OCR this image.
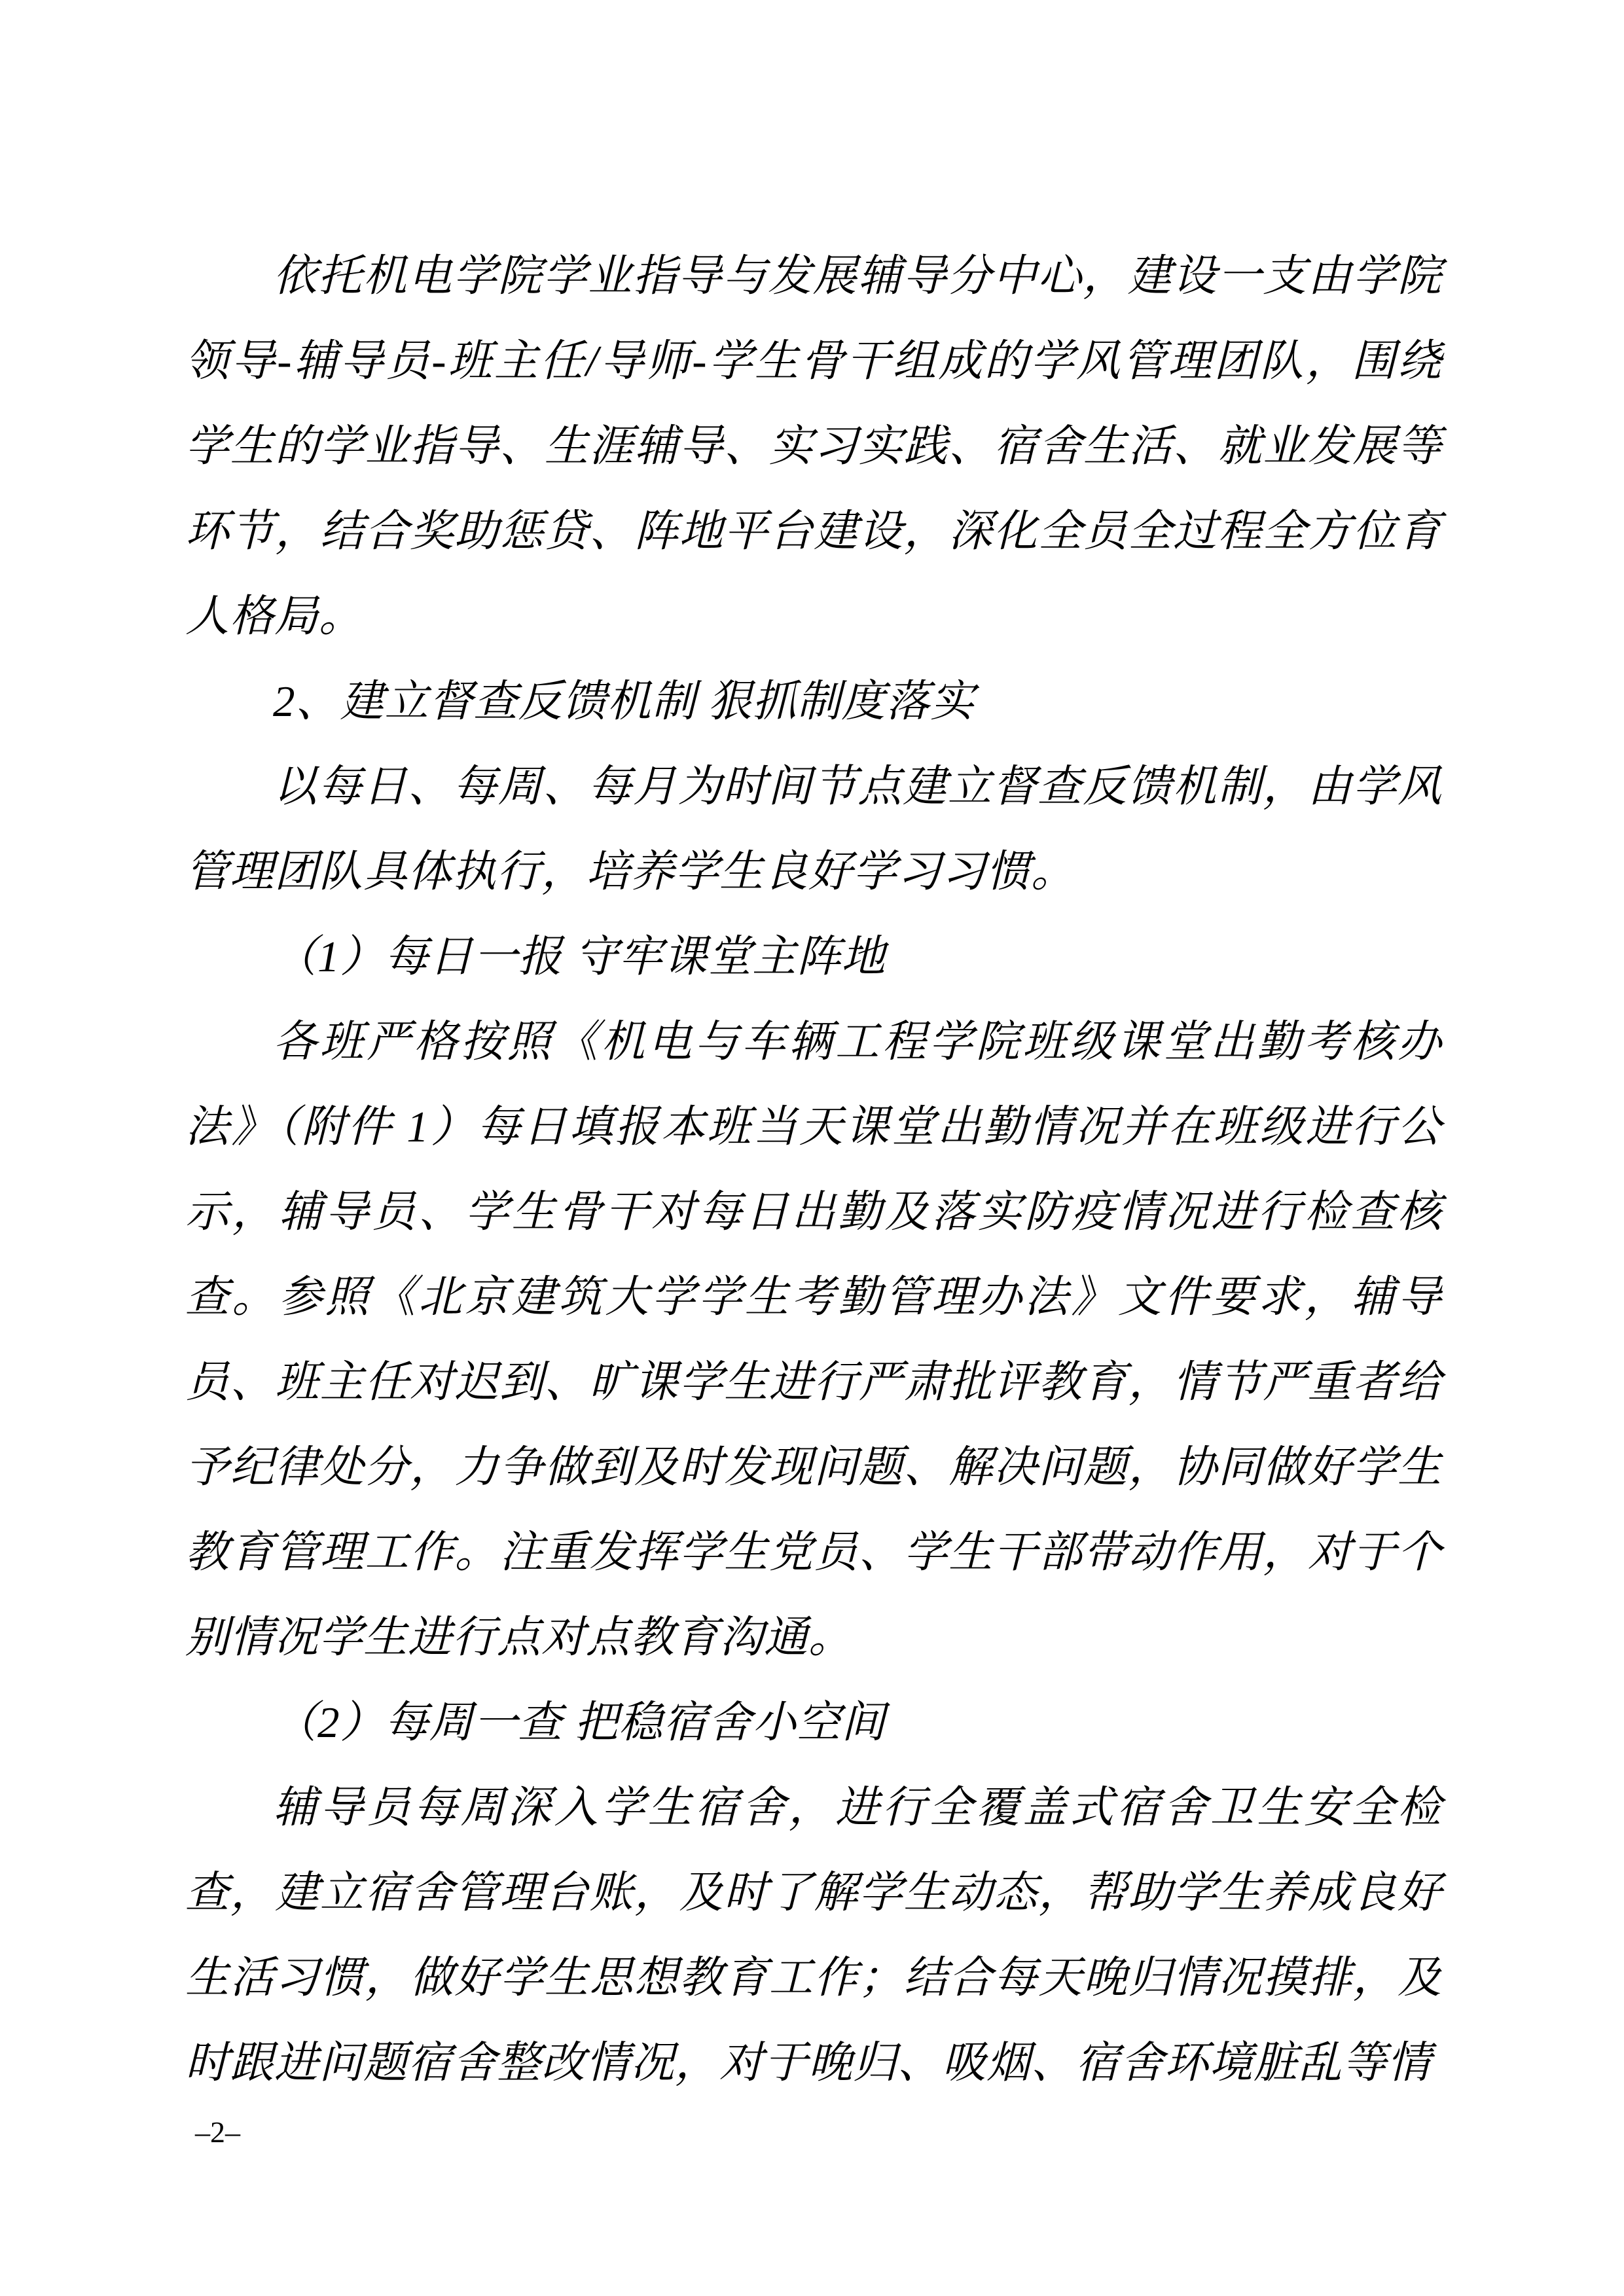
依托机电学院学业指导与发展辅导分中心，建设一支由学院领导-辅导员-班主任/导师-学生骨干组成的学风管理团队，围绕学生的学业指导、生涯辅导、实习实践、宿舍生活、就业发展等环节，结合奖助惩贷、阵地平台建设，深化全员全过程全方位育人格局。

2、建立督查反馈机制 狠抓制度落实

以每日、每周、每月为时间节点建立督查反馈机制，由学风管理团队具体执行，培养学生良好学习习惯。

（1）每日一报 守牢课堂主阵地

各班严格按照《机电与车辆工程学院班级课堂出勤考核办法》（附件 1）每日填报本班当天课堂出勤情况并在班级进行公示，辅导员、学生骨干对每日出勤及落实防疫情况进行检查核查。参照《北京建筑大学学生考勤管理办法》文件要求，辅导员、班主任对迟到、旷课学生进行严肃批评教育，情节严重者给予纪律处分，力争做到及时发现问题、解决问题，协同做好学生教育管理工作。注重发挥学生党员、学生干部带动作用，对于个别情况学生进行点对点教育沟通。

（2）每周一查 把稳宿舍小空间

辅导员每周深入学生宿舍，进行全覆盖式宿舍卫生安全检查，建立宿舍管理台账，及时了解学生动态，帮助学生养成良好生活习惯，做好学生思想教育工作；结合每天晚归情况摸排，及时跟进问题宿舍整改情况，对于晚归、吸烟、宿舍环境脏乱等情

–2–
